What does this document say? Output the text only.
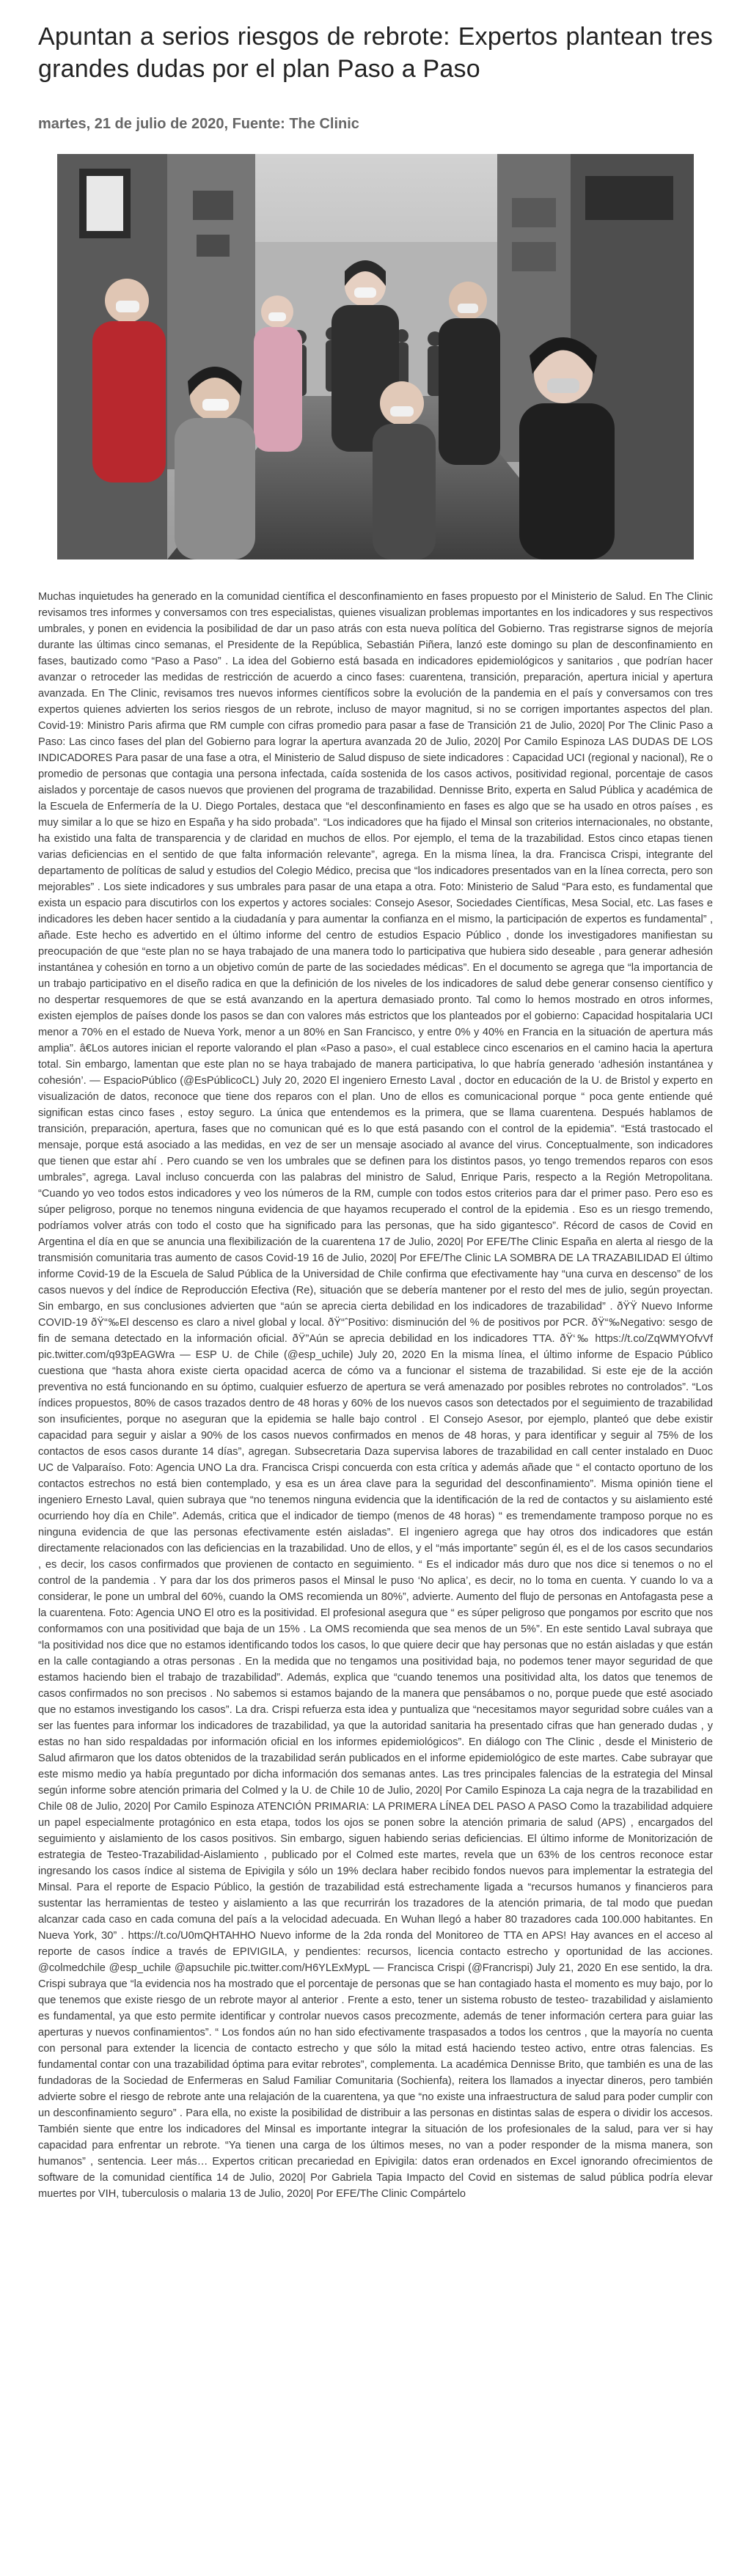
Apuntan a serios riesgos de rebrote: Expertos plantean tres grandes dudas por el plan Paso a Paso
martes, 21 de julio de 2020, Fuente: The Clinic
Muchas inquietudes ha generado en la comunidad científica el desconfinamiento en fases propuesto por el Ministerio de Salud. En The Clinic revisamos tres informes y conversamos con tres especialistas, quienes visualizan problemas importantes en los indicadores y sus respectivos umbrales, y ponen en evidencia la posibilidad de dar un paso atrás con esta nueva política del Gobierno. Tras registrarse signos de mejoría durante las últimas cinco semanas, el Presidente de la República, Sebastián Piñera, lanzó este domingo su plan de desconfinamiento en fases, bautizado como “Paso a Paso” . La idea del Gobierno está basada en indicadores epidemiológicos y sanitarios , que podrían hacer avanzar o retroceder las medidas de restricción de acuerdo a cinco fases: cuarentena, transición, preparación, apertura inicial y apertura avanzada. En The Clinic, revisamos tres nuevos informes científicos sobre la evolución de la pandemia en el país y conversamos con tres expertos quienes advierten los serios riesgos de un rebrote, incluso de mayor magnitud, si no se corrigen importantes aspectos del plan. Covid-19: Ministro Paris afirma que RM cumple con cifras promedio para pasar a fase de Transición 21 de Julio, 2020| Por The Clinic Paso a Paso: Las cinco fases del plan del Gobierno para lograr la apertura avanzada 20 de Julio, 2020| Por Camilo Espinoza LAS DUDAS DE LOS INDICADORES Para pasar de una fase a otra, el Ministerio de Salud dispuso de siete indicadores : Capacidad UCI (regional y nacional), Re o promedio de personas que contagia una persona infectada, caída sostenida de los casos activos, positividad regional, porcentaje de casos aislados y porcentaje de casos nuevos que provienen del programa de trazabilidad. Dennisse Brito, experta en Salud Pública y académica de la Escuela de Enfermería de la U. Diego Portales, destaca que “el desconfinamiento en fases es algo que se ha usado en otros países , es muy similar a lo que se hizo en España y ha sido probada”. “Los indicadores que ha fijado el Minsal son criterios internacionales, no obstante, ha existido una falta de transparencia y de claridad en muchos de ellos. Por ejemplo, el tema de la trazabilidad. Estos cinco etapas tienen varias deficiencias en el sentido de que falta información relevante”, agrega. En la misma línea, la dra. Francisca Crispi, integrante del departamento de políticas de salud y estudios del Colegio Médico, precisa que “los indicadores presentados van en la línea correcta, pero son mejorables” . Los siete indicadores y sus umbrales para pasar de una etapa a otra. Foto: Ministerio de Salud “Para esto, es fundamental que exista un espacio para discutirlos con los expertos y actores sociales: Consejo Asesor, Sociedades Científicas, Mesa Social, etc. Las fases e indicadores les deben hacer sentido a la ciudadanía y para aumentar la confianza en el mismo, la participación de expertos es fundamental” , añade. Este hecho es advertido en el último informe del centro de estudios Espacio Público , donde los investigadores manifiestan su preocupación de que “este plan no se haya trabajado de una manera todo lo participativa que hubiera sido deseable , para generar adhesión instantánea y cohesión en torno a un objetivo común de parte de las sociedades médicas”. En el documento se agrega que “la importancia de un trabajo participativo en el diseño radica en que la definición de los niveles de los indicadores de salud debe generar consenso científico y no despertar resquemores de que se está avanzando en la apertura demasiado pronto. Tal como lo hemos mostrado en otros informes, existen ejemplos de países donde los pasos se dan con valores más estrictos que los planteados por el gobierno: Capacidad hospitalaria UCI menor a 70% en el estado de Nueva York, menor a un 80% en San Francisco, y entre 0% y 40% en Francia en la situación de apertura más amplia”. â€Los autores inician el reporte valorando el plan «Paso a paso», el cual establece cinco escenarios en el camino hacia la apertura total. Sin embargo, lamentan que este plan no se haya trabajado de manera participativa, lo que habría generado ‘adhesión instantánea y cohesión’. — EspacioPúblico (@EsPúblicoCL) July 20, 2020 El ingeniero Ernesto Laval , doctor en educación de la U. de Bristol y experto en visualización de datos, reconoce que tiene dos reparos con el plan. Uno de ellos es comunicacional porque “ poca gente entiende qué significan estas cinco fases , estoy seguro. La única que entendemos es la primera, que se llama cuarentena. Después hablamos de transición, preparación, apertura, fases que no comunican qué es lo que está pasando con el control de la epidemia”. “Está trastocado el mensaje, porque está asociado a las medidas, en vez de ser un mensaje asociado al avance del virus. Conceptualmente, son indicadores que tienen que estar ahí . Pero cuando se ven los umbrales que se definen para los distintos pasos, yo tengo tremendos reparos con esos umbrales”, agrega. Laval incluso concuerda con las palabras del ministro de Salud, Enrique Paris, respecto a la Región Metropolitana. “Cuando yo veo todos estos indicadores y veo los números de la RM, cumple con todos estos criterios para dar el primer paso. Pero eso es súper peligroso, porque no tenemos ninguna evidencia de que hayamos recuperado el control de la epidemia . Eso es un riesgo tremendo, podríamos volver atrás con todo el costo que ha significado para las personas, que ha sido gigantesco”. Récord de casos de Covid en Argentina el día en que se anuncia una flexibilización de la cuarentena 17 de Julio, 2020| Por EFE/The Clinic España en alerta al riesgo de la transmisión comunitaria tras aumento de casos Covid-19 16 de Julio, 2020| Por EFE/The Clinic LA SOMBRA DE LA TRAZABILIDAD El último informe Covid-19 de la Escuela de Salud Pública de la Universidad de Chile confirma que efectivamente hay “una curva en descenso” de los casos nuevos y del índice de Reproducción Efectiva (Re), situación que se debería mantener por el resto del mes de julio, según proyectan. Sin embargo, en sus conclusiones advierten que “aún se aprecia cierta debilidad en los indicadores de trazabilidad” . ðŸŸ Nuevo Informe COVID-19 ðŸ“‰El descenso es claro a nivel global y local. ðŸ“ˆPositivo: disminución del % de positivos por PCR. ðŸ“‰Negativo: sesgo de fin de semana detectado en la información oficial. ðŸ”Aún se aprecia debilidad en los indicadores TTA. ðŸ‘‰ https://t.co/ZqWMYOfvVf pic.twitter.com/q93pEAGWra — ESP U. de Chile (@esp_uchile) July 20, 2020 En la misma línea, el último informe de Espacio Público cuestiona que “hasta ahora existe cierta opacidad acerca de cómo va a funcionar el sistema de trazabilidad. Si este eje de la acción preventiva no está funcionando en su óptimo, cualquier esfuerzo de apertura se verá amenazado por posibles rebrotes no controlados”. “Los índices propuestos, 80% de casos trazados dentro de 48 horas y 60% de los nuevos casos son detectados por el seguimiento de trazabilidad son insuficientes, porque no aseguran que la epidemia se halle bajo control . El Consejo Asesor, por ejemplo, planteó que debe existir capacidad para seguir y aislar a 90% de los casos nuevos confirmados en menos de 48 horas, y para identificar y seguir al 75% de los contactos de esos casos durante 14 días”, agregan. Subsecretaria Daza supervisa labores de trazabilidad en call center instalado en Duoc UC de Valparaíso. Foto: Agencia UNO La dra. Francisca Crispi concuerda con esta crítica y además añade que “ el contacto oportuno de los contactos estrechos no está bien contemplado, y esa es un área clave para la seguridad del desconfinamiento”. Misma opinión tiene el ingeniero Ernesto Laval, quien subraya que “no tenemos ninguna evidencia que la identificación de la red de contactos y su aislamiento esté ocurriendo hoy día en Chile”. Además, critica que el indicador de tiempo (menos de 48 horas) “ es tremendamente tramposo porque no es ninguna evidencia de que las personas efectivamente estén aisladas”. El ingeniero agrega que hay otros dos indicadores que están directamente relacionados con las deficiencias en la trazabilidad. Uno de ellos, y el “más importante” según él, es el de los casos secundarios , es decir, los casos confirmados que provienen de contacto en seguimiento. “ Es el indicador más duro que nos dice si tenemos o no el control de la pandemia . Y para dar los dos primeros pasos el Minsal le puso ‘No aplica’, es decir, no lo toma en cuenta. Y cuando lo va a considerar, le pone un umbral del 60%, cuando la OMS recomienda un 80%”, advierte. Aumento del flujo de personas en Antofagasta pese a la cuarentena. Foto: Agencia UNO El otro es la positividad. El profesional asegura que “ es súper peligroso que pongamos por escrito que nos conformamos con una positividad que baja de un 15% . La OMS recomienda que sea menos de un 5%”. En este sentido Laval subraya que “la positividad nos dice que no estamos identificando todos los casos, lo que quiere decir que hay personas que no están aisladas y que están en la calle contagiando a otras personas . En la medida que no tengamos una positividad baja, no podemos tener mayor seguridad de que estamos haciendo bien el trabajo de trazabilidad”. Además, explica que “cuando tenemos una positividad alta, los datos que tenemos de casos confirmados no son precisos . No sabemos si estamos bajando de la manera que pensábamos o no, porque puede que esté asociado que no estamos investigando los casos”. La dra. Crispi refuerza esta idea y puntualiza que “necesitamos mayor seguridad sobre cuáles van a ser las fuentes para informar los indicadores de trazabilidad, ya que la autoridad sanitaria ha presentado cifras que han generado dudas , y estas no han sido respaldadas por información oficial en los informes epidemiológicos”. En diálogo con The Clinic , desde el Ministerio de Salud afirmaron que los datos obtenidos de la trazabilidad serán publicados en el informe epidemiológico de este martes. Cabe subrayar que este mismo medio ya había preguntado por dicha información dos semanas antes. Las tres principales falencias de la estrategia del Minsal según informe sobre atención primaria del Colmed y la U. de Chile 10 de Julio, 2020| Por Camilo Espinoza La caja negra de la trazabilidad en Chile 08 de Julio, 2020| Por Camilo Espinoza ATENCIÓN PRIMARIA: LA PRIMERA LÍNEA DEL PASO A PASO Como la trazabilidad adquiere un papel especialmente protagónico en esta etapa, todos los ojos se ponen sobre la atención primaria de salud (APS) , encargados del seguimiento y aislamiento de los casos positivos. Sin embargo, siguen habiendo serias deficiencias. El último informe de Monitorización de estrategia de Testeo-Trazabilidad-Aislamiento , publicado por el Colmed este martes, revela que un 63% de los centros reconoce estar ingresando los casos índice al sistema de Epivigila y sólo un 19% declara haber recibido fondos nuevos para implementar la estrategia del Minsal. Para el reporte de Espacio Público, la gestión de trazabilidad está estrechamente ligada a “recursos humanos y financieros para sustentar las herramientas de testeo y aislamiento a las que recurrirán los trazadores de la atención primaria, de tal modo que puedan alcanzar cada caso en cada comuna del país a la velocidad adecuada. En Wuhan llegó a haber 80 trazadores cada 100.000 habitantes. En Nueva York, 30” . https://t.co/U0mQHTAHHO Nuevo informe de la 2da ronda del Monitoreo de TTA en APS! Hay avances en el acceso al reporte de casos índice a través de EPIVIGILA, y pendientes: recursos, licencia contacto estrecho y oportunidad de las acciones. @colmedchile @esp_uchile @apsuchile pic.twitter.com/H6YLExMypL — Francisca Crispi (@Francrispi) July 21, 2020 En ese sentido, la dra. Crispi subraya que “la evidencia nos ha mostrado que el porcentaje de personas que se han contagiado hasta el momento es muy bajo, por lo que tenemos que existe riesgo de un rebrote mayor al anterior . Frente a esto, tener un sistema robusto de testeo- trazabilidad y aislamiento es fundamental, ya que esto permite identificar y controlar nuevos casos precozmente, además de tener información certera para guiar las aperturas y nuevos confinamientos”. “ Los fondos aún no han sido efectivamente traspasados a todos los centros , que la mayoría no cuenta con personal para extender la licencia de contacto estrecho y que sólo la mitad está haciendo testeo activo, entre otras falencias. Es fundamental contar con una trazabilidad óptima para evitar rebrotes”, complementa. La académica Dennisse Brito, que también es una de las fundadoras de la Sociedad de Enfermeras en Salud Familiar Comunitaria (Sochienfa), reitera los llamados a inyectar dineros, pero también advierte sobre el riesgo de rebrote ante una relajación de la cuarentena, ya que “no existe una infraestructura de salud para poder cumplir con un desconfinamiento seguro” . Para ella, no existe la posibilidad de distribuir a las personas en distintas salas de espera o dividir los accesos. También siente que entre los indicadores del Minsal es importante integrar la situación de los profesionales de la salud, para ver si hay capacidad para enfrentar un rebrote. “Ya tienen una carga de los últimos meses, no van a poder responder de la misma manera, son humanos” , sentencia. Leer más… Expertos critican precariedad en Epivigila: datos eran ordenados en Excel ignorando ofrecimientos de software de la comunidad científica 14 de Julio, 2020| Por Gabriela Tapia Impacto del Covid en sistemas de salud pública podría elevar muertes por VIH, tuberculosis o malaria 13 de Julio, 2020| Por EFE/The Clinic Compártelo
